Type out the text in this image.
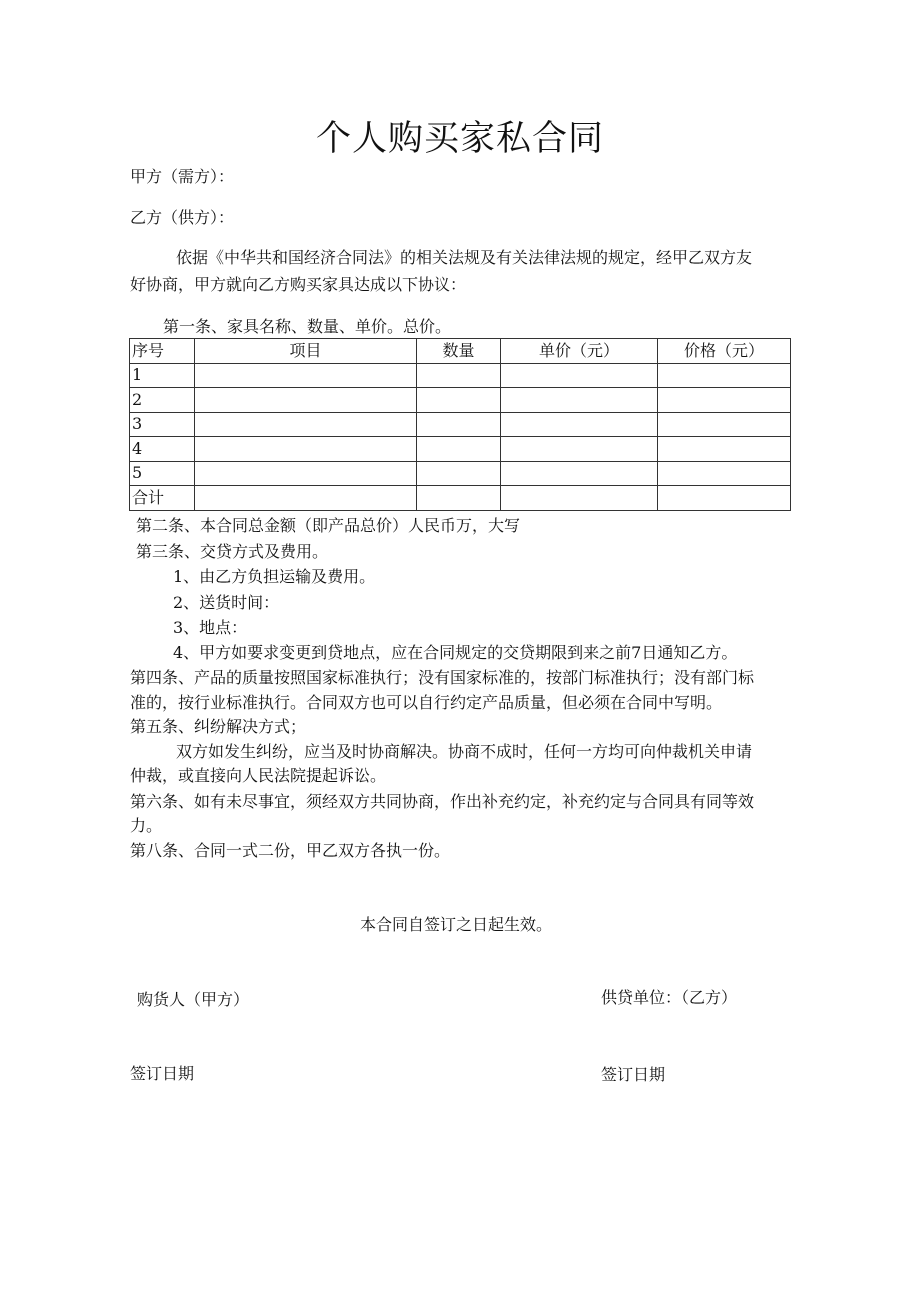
个人购买家私合同
甲方（需方）：
乙方（供方）：
依据《中华共和国经济合同法》的相关法规及有关法律法规的规定，经甲乙双方友
好协商，甲方就向乙方购买家具达成以下协议：
第一条、家具名称、数量、单价。总价。
序号	项目	数量	单价（元）	价格（元）
1				
2				
3				
4				
5				
合计				
第二条、本合同总金额（即产品总价）人民币万，大写
第三条、交贷方式及费用。
1、由乙方负担运输及费用。
2、送货时间：
3、地点：
4、甲方如要求变更到贷地点，应在合同规定的交贷期限到来之前7日通知乙方。
第四条、产品的质量按照国家标准执行；没有国家标准的，按部门标准执行；没有部门标
准的，按行业标准执行。合同双方也可以自行约定产品质量，但必须在合同中写明。
第五条、纠纷解决方式；
双方如发生纠纷，应当及时协商解决。协商不成时，任何一方均可向仲裁机关申请
仲裁，或直接向人民法院提起诉讼。
第六条、如有未尽事宜，须经双方共同协商，作出补充约定，补充约定与合同具有同等效
力。
第八条、合同一式二份，甲乙双方各执一份。
本合同自签订之日起生效。
购货人（甲方）	供贷单位：（乙方）
签订日期	签订日期
